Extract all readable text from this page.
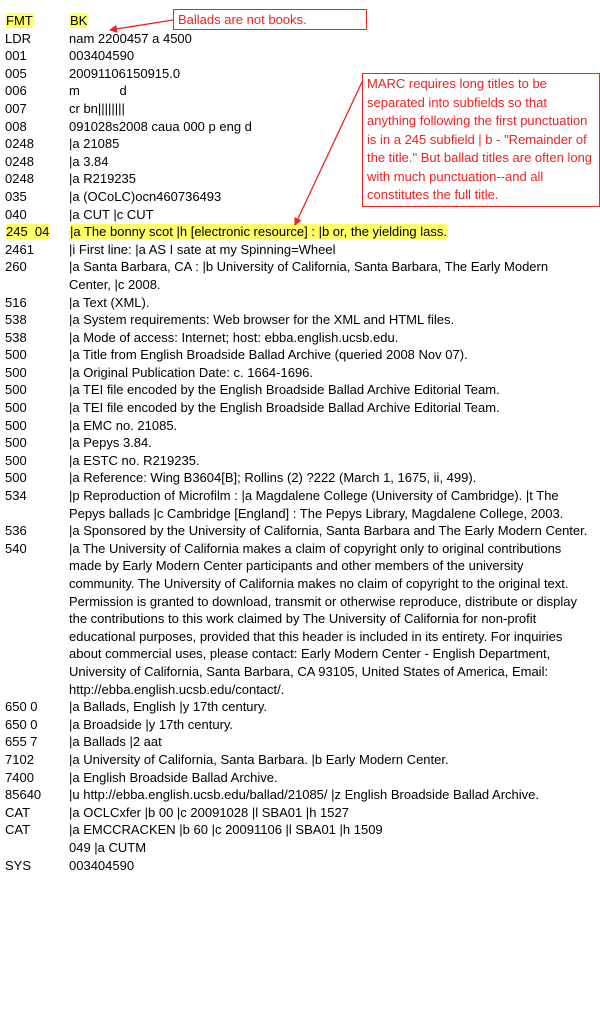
FMT	BK
LDR	nam 2200457 a 4500
001	003404590
005	20091106150915.0
006	m           d
007	cr bn||||||||
008	091028s2008 caua 000 p eng d
0248	|a 21085
0248	|a 3.84
0248	|a R219235
035	|a (OCoLC)ocn460736493
040	|a CUT |c CUT
245  04	|a The bonny scot |h [electronic resource] : |b or, the yielding lass.
2461	|i First line: |a AS I sate at my Spinning=Wheel
260	|a Santa Barbara, CA : |b University of California, Santa Barbara, The Early Modern Center, |c 2008.
516	|a Text (XML).
538	|a System requirements: Web browser for the XML and HTML files.
538	|a Mode of access: Internet; host: ebba.english.ucsb.edu.
500	|a Title from English Broadside Ballad Archive (queried 2008 Nov 07).
500	|a Original Publication Date: c. 1664-1696.
500	|a TEI file encoded by the English Broadside Ballad Archive Editorial Team.
500	|a TEI file encoded by the English Broadside Ballad Archive Editorial Team.
500	|a EMC no. 21085.
500	|a Pepys 3.84.
500	|a ESTC no. R219235.
500	|a Reference: Wing B3604[B]; Rollins (2) ?222 (March 1, 1675, ii, 499).
534	|p Reproduction of Microfilm : |a Magdalene College (University of Cambridge). |t The Pepys ballads |c Cambridge [England] : The Pepys Library, Magdalene College, 2003.
536	|a Sponsored by the University of California, Santa Barbara and The Early Modern Center.
540	|a The University of California makes a claim of copyright only to original contributions made by Early Modern Center participants and other members of the university community. The University of California makes no claim of copyright to the original text. Permission is granted to download, transmit or otherwise reproduce, distribute or display the contributions to this work claimed by The University of California for non-profit educational purposes, provided that this header is included in its entirety. For inquiries about commercial uses, please contact: Early Modern Center - English Department, University of California, Santa Barbara, CA 93105, United States of America, Email: http://ebba.english.ucsb.edu/contact/.
650 0	|a Ballads, English |y 17th century.
650 0	|a Broadside |y 17th century.
655 7	|a Ballads |2 aat
7102	|a University of California, Santa Barbara. |b Early Modern Center.
7400	|a English Broadside Ballad Archive.
85640	|u http://ebba.english.ucsb.edu/ballad/21085/ |z English Broadside Ballad Archive.
CAT	|a OCLCxfer |b 00 |c 20091028 |l SBA01 |h 1527
CAT	|a EMCCRACKEN |b 60 |c 20091106 |l SBA01 |h 1509
049 |a CUTM
SYS	003404590
Ballads are not books.
MARC requires long titles to be separated into subfields so that anything following the first punctuation is in a 245 subfield | b - "Remainder of the title." But ballad titles are often long with much punctuation--and all constitutes the full title.
